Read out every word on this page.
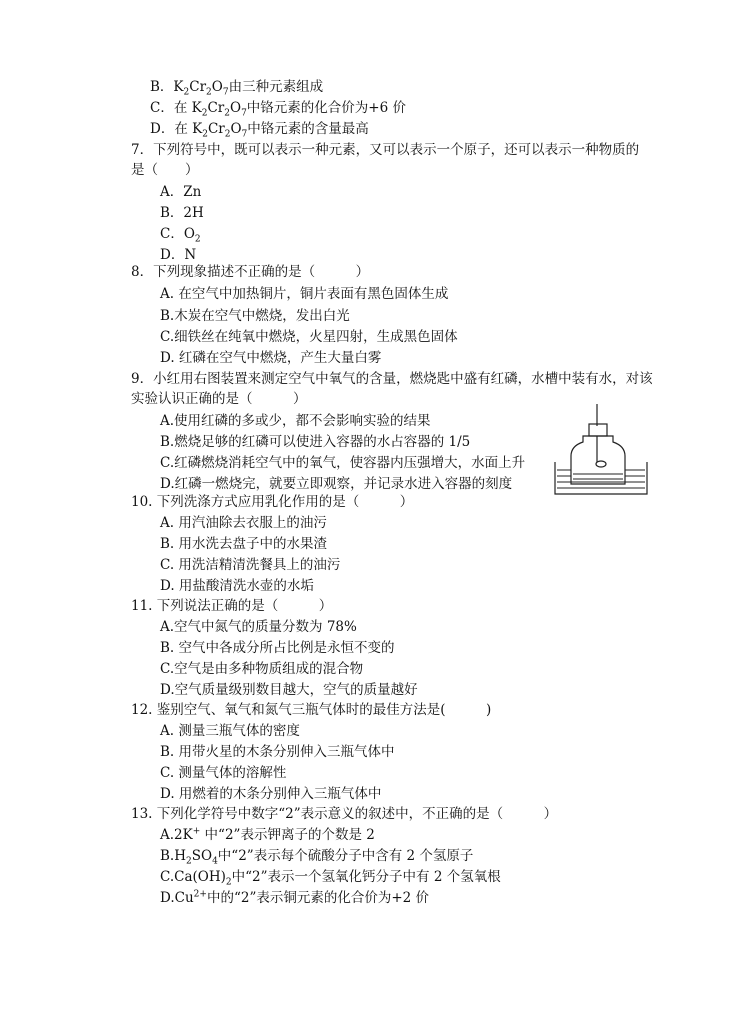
B．$K_2Cr_2O_7$由三种元素组成
C．在 $K_2Cr_2O_7$中铬元素的化合价为+6 价
D．在 $K_2Cr_2O_7$中铬元素的含量最高
7．下列符号中，既可以表示一种元素，又可以表示一个原子，还可以表示一种物质的
是（　　）
A．Zn
B．2H
C．$O_2$
D．N
8．下列现象描述不正确的是（　　　）
A. 在空气中加热铜片，铜片表面有黑色固体生成
B.木炭在空气中燃烧，发出白光
C.细铁丝在纯氧中燃烧，火星四射，生成黑色固体
D. 红磷在空气中燃烧，产生大量白雾
9．小红用右图装置来测定空气中氧气的含量，燃烧匙中盛有红磷，水槽中装有水，对该
实验认识正确的是（　　　）
A.使用红磷的多或少，都不会影响实验的结果
B.燃烧足够的红磷可以使进入容器的水占容器的 1/5
C.红磷燃烧消耗空气中的氧气，使容器内压强增大，水面上升
D.红磷一燃烧完，就要立即观察，并记录水进入容器的刻度
10. 下列洗涤方式应用乳化作用的是（　　　）
A. 用汽油除去衣服上的油污
B. 用水洗去盘子中的水果渣
C. 用洗洁精清洗餐具上的油污
D. 用盐酸清洗水壶的水垢
11. 下列说法正确的是（　　　）
A.空气中氮气的质量分数为 78%
B. 空气中各成分所占比例是永恒不变的
C.空气是由多种物质组成的混合物
D.空气质量级别数目越大，空气的质量越好
12. 鉴别空气、氧气和氮气三瓶气体时的最佳方法是(　　　)
A. 测量三瓶气体的密度
B. 用带火星的木条分别伸入三瓶气体中
C. 测量气体的溶解性
D. 用燃着的木条分别伸入三瓶气体中
13. 下列化学符号中数字“2”表示意义的叙述中，不正确的是（　　　）
A.2K+ 中“2”表示钾离子的个数是 2
$B.H_2SO_4$中“2”表示每个硫酸分子中含有 2 个氢原子
$C.Ca(OH)_2$中“2”表示一个氢氧化钙分子中有 2 个氢氧根
$D.Cu^{2+}$中的“2”表示铜元素的化合价为+2 价
